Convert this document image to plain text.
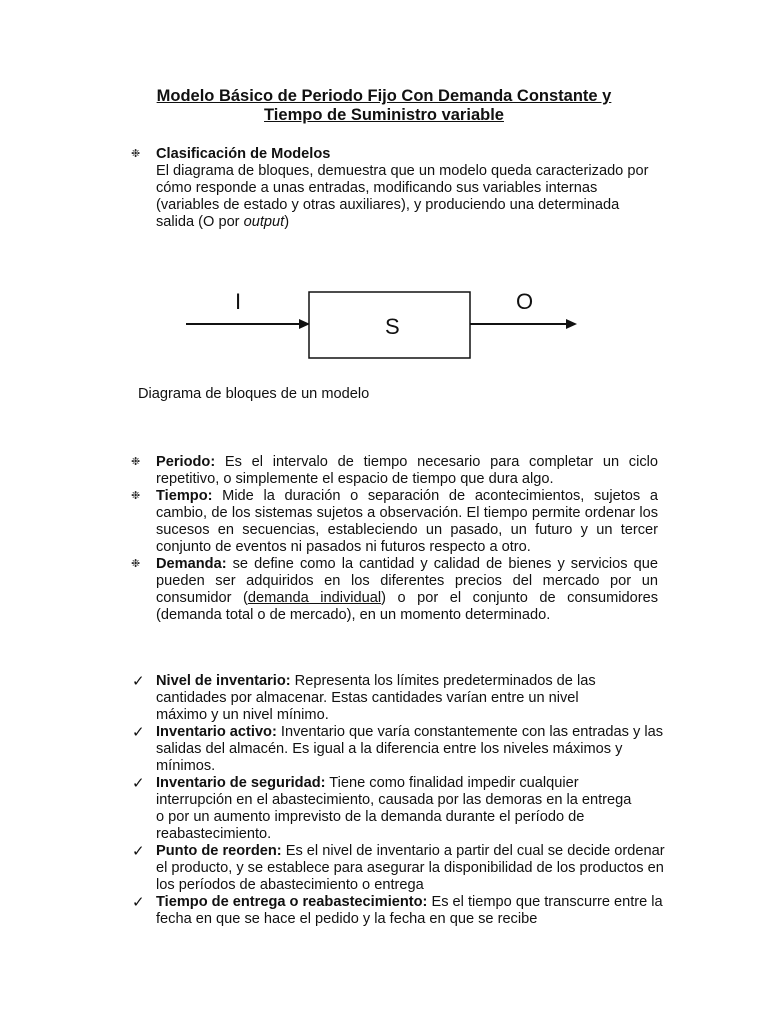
Modelo Básico de Periodo Fijo Con Demanda Constante y
Tiempo de Suministro variable
❉	Clasificación de Modelos

El diagrama de bloques, demuestra que un modelo queda caracterizado por cómo responde a unas entradas, modificando sus variables internas (variables de estado y otras auxiliares), y produciendo una determinada salida (O por output)

I
S
O
Diagrama de bloques de un modelo
❉	Periodo: Es el intervalo de tiempo necesario para completar un ciclo repetitivo, o simplemente el espacio de tiempo que dura algo.

❉	Tiempo: Mide la duración o separación de acontecimientos, sujetos a cambio, de los sistemas sujetos a observación. El tiempo permite ordenar los sucesos en secuencias, estableciendo un pasado, un futuro y un tercer conjunto de eventos ni pasados ni futuros respecto a otro.

❉	Demanda: se define como la cantidad y calidad de bienes y servicios que pueden ser adquiridos en los diferentes precios del mercado por un consumidor (demanda individual) o por el conjunto de consumidores (demanda total o de mercado), en un momento determinado.

✓ Nivel de inventario: Representa los límites predeterminados de las cantidades por almacenar. Estas cantidades varían entre un nivel máximo y un nivel mínimo.

✓ Inventario activo: Inventario que varía constantemente con las entradas y las salidas del almacén. Es igual a la diferencia entre los niveles máximos y mínimos.

✓ Inventario de seguridad: Tiene como finalidad impedir cualquier interrupción en el abastecimiento, causada por las demoras en la entrega o por un aumento imprevisto de la demanda durante el período de reabastecimiento.

✓ Punto de reorden: Es el nivel de inventario a partir del cual se decide ordenar el producto, y se establece para asegurar la disponibilidad de los productos en los períodos de abastecimiento o entrega

✓ Tiempo de entrega o reabastecimiento: Es el tiempo que transcurre entre la fecha en que se hace el pedido y la fecha en que se recibe
